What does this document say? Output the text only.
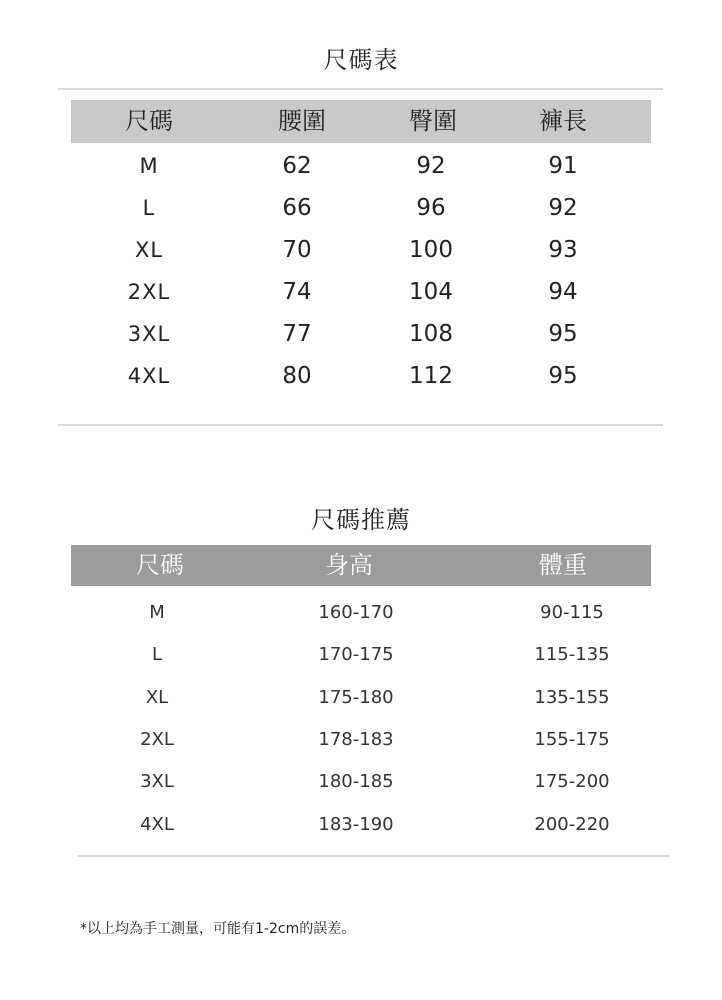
尺碼表
尺碼	腰圍	臀圍	褲長
M	62	92	91
L	66	96	92
XL	70	100	93
2XL	74	104	94
3XL	77	108	95
4XL	80	112	95
尺碼推薦
尺碼	身高	體重
M	160-170	90-115
L	170-175	115-135
XL	175-180	135-155
2XL	178-183	155-175
3XL	180-185	175-200
4XL	183-190	200-220
*以上均為手工測量，可能有1-2cm的誤差。
